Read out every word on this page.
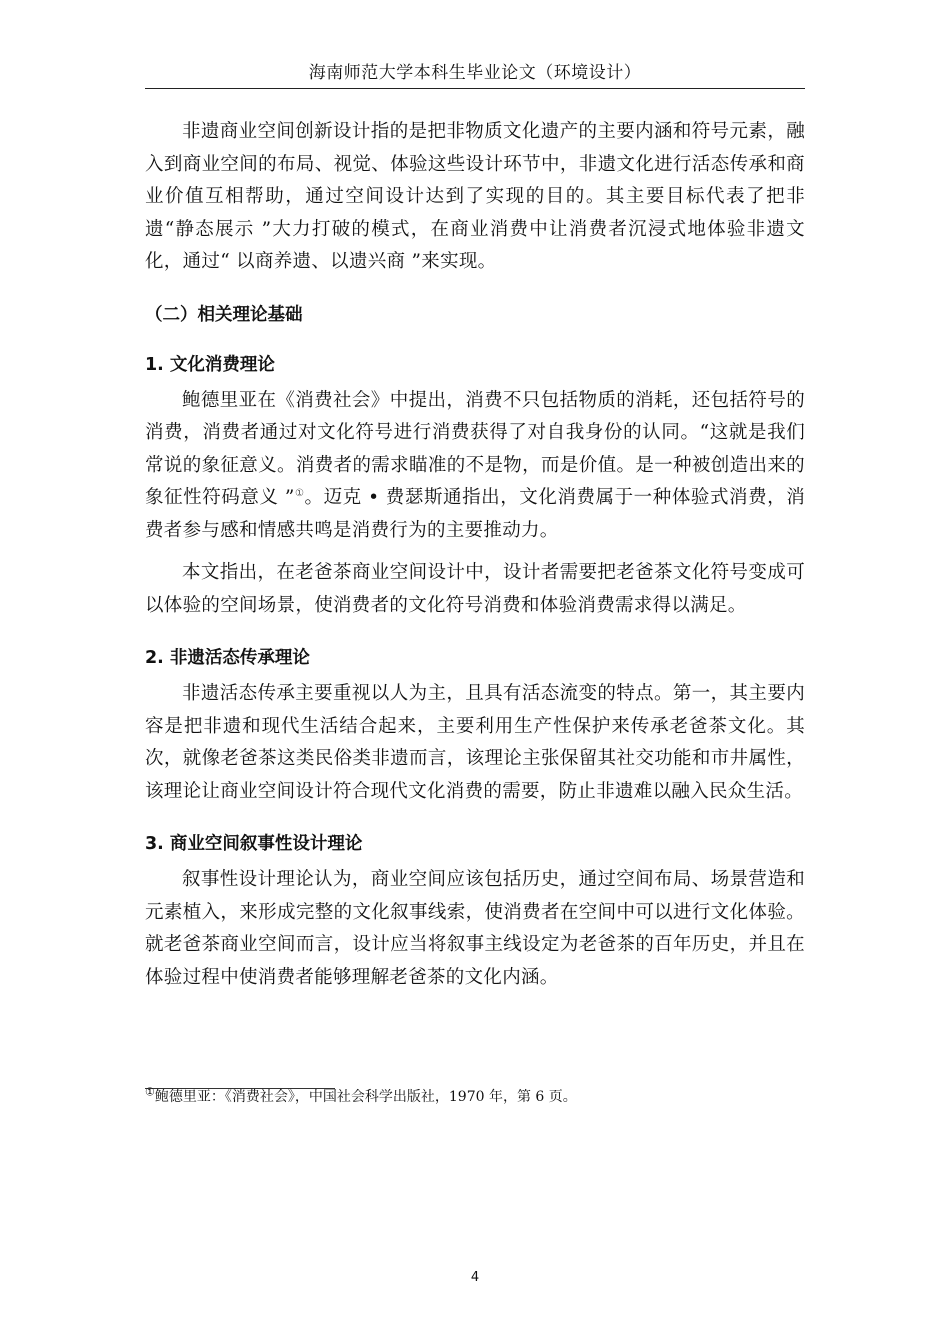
海南师范大学本科生毕业论文（环境设计）

非遗商业空间创新设计指的是把非物质文化遗产的主要内涵和符号元素，融入到商业空间的布局、视觉、体验这些设计环节中，非遗文化进行活态传承和商业价值互相帮助，通过空间设计达到了实现的目的。其主要目标代表了把非遗“静态展示 ”大力打破的模式，在商业消费中让消费者沉浸式地体验非遗文化，通过“ 以商养遗、以遗兴商 ”来实现。

（二）相关理论基础

1. 文化消费理论

鲍德里亚在《消费社会》中提出，消费不只包括物质的消耗，还包括符号的消费，消费者通过对文化符号进行消费获得了对自我身份的认同。“这就是我们常说的象征意义。消费者的需求瞄准的不是物，而是价值。是一种被创造出来的象征性符码意义 ”①。迈克 • 费瑟斯通指出，文化消费属于一种体验式消费，消费者参与感和情感共鸣是消费行为的主要推动力。

本文指出，在老爸茶商业空间设计中，设计者需要把老爸茶文化符号变成可以体验的空间场景，使消费者的文化符号消费和体验消费需求得以满足。

2. 非遗活态传承理论

非遗活态传承主要重视以人为主，且具有活态流变的特点。第一，其主要内容是把非遗和现代生活结合起来，主要利用生产性保护来传承老爸茶文化。其次，就像老爸茶这类民俗类非遗而言，该理论主张保留其社交功能和市井属性，该理论让商业空间设计符合现代文化消费的需要，防止非遗难以融入民众生活。

3. 商业空间叙事性设计理论

叙事性设计理论认为，商业空间应该包括历史，通过空间布局、场景营造和元素植入，来形成完整的文化叙事线索，使消费者在空间中可以进行文化体验。就老爸茶商业空间而言，设计应当将叙事主线设定为老爸茶的百年历史，并且在体验过程中使消费者能够理解老爸茶的文化内涵。

①鲍德里亚：《消费社会》，中国社会科学出版社，1970 年，第 6 页。
4
